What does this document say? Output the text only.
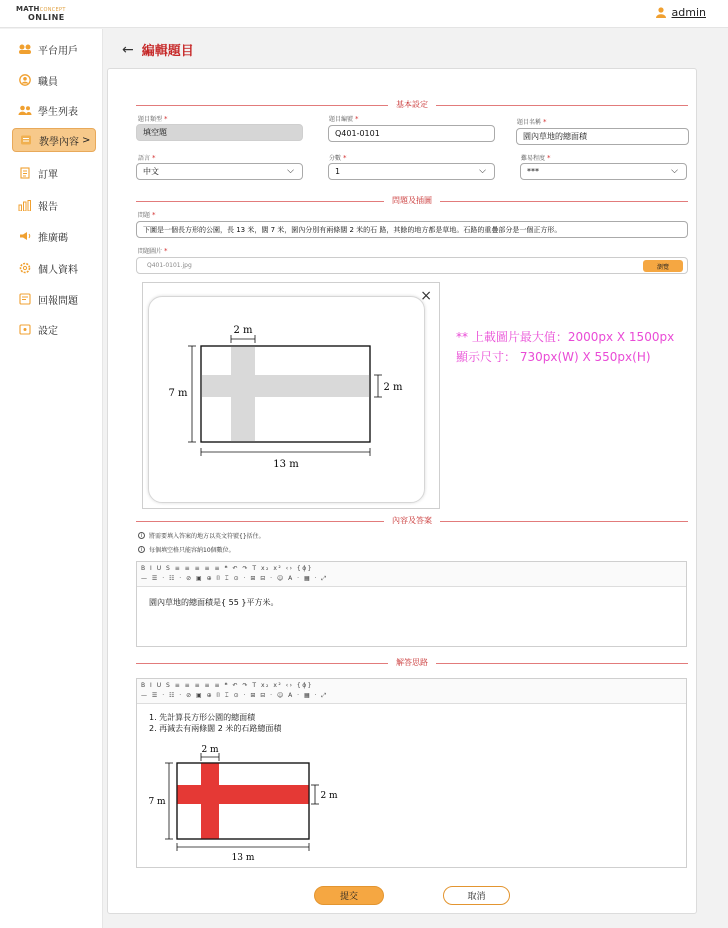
MATHCONCEPT
ONLINE	admin
平台用戶
職員
學生列表
教學內容 >
訂單
報告
推廣碼
個人資料
回報問題
設定
← 編輯題目
基本設定
題目類型 *
填空題
題目編號 *
Q401-0101
題目名稱 *
園內草地的總面積
語言 *
中文	⌵
分數 *
1	⌵
難易程度 *
***	⌵
問題及插圖
問題 *
下圖是一個長方形的公園，長 13 米，闊 7 米，園內分別有兩條闊 2 米的石 路，其餘的地方都是草地。石路的重疊部分是一個正方形。
問題圖片 *
Q401-0101.jpg	瀏覽
×
2 m
7 m
2 m
13 m
** 上載圖片最大值：2000px X 1500px
顯示尺寸： 730px(W) X 550px(H)
內容及答案
i	將需要填入答案的地方以英文符號{}括住。
i	每個填空格只能容納10個數位。
B I U S ≡ ≡ ≡ ≡ ≡ ❝ ↶ ↷ T x₂ x² ‹› {ɸ}
— ☰ · ☷ · ⊘ ▣ ⊕ ⌷ ⌶ ⊙ · ⊞ ⊟ · ☺ A · ▦ · ⤢
園內草地的總面積是{ 55 }平方米。
解答思路
B I U S ≡ ≡ ≡ ≡ ≡ ❝ ↶ ↷ T x₂ x² ‹› {ɸ}
— ☰ · ☷ · ⊘ ▣ ⊕ ⌷ ⌶ ⊙ · ⊞ ⊟ · ☺ A · ▦ · ⤢
1. 先計算長方形公園的總面積
2. 再減去有兩條闊 2 米的石路總面積
2 m
7 m
2 m
13 m
提交	取消
